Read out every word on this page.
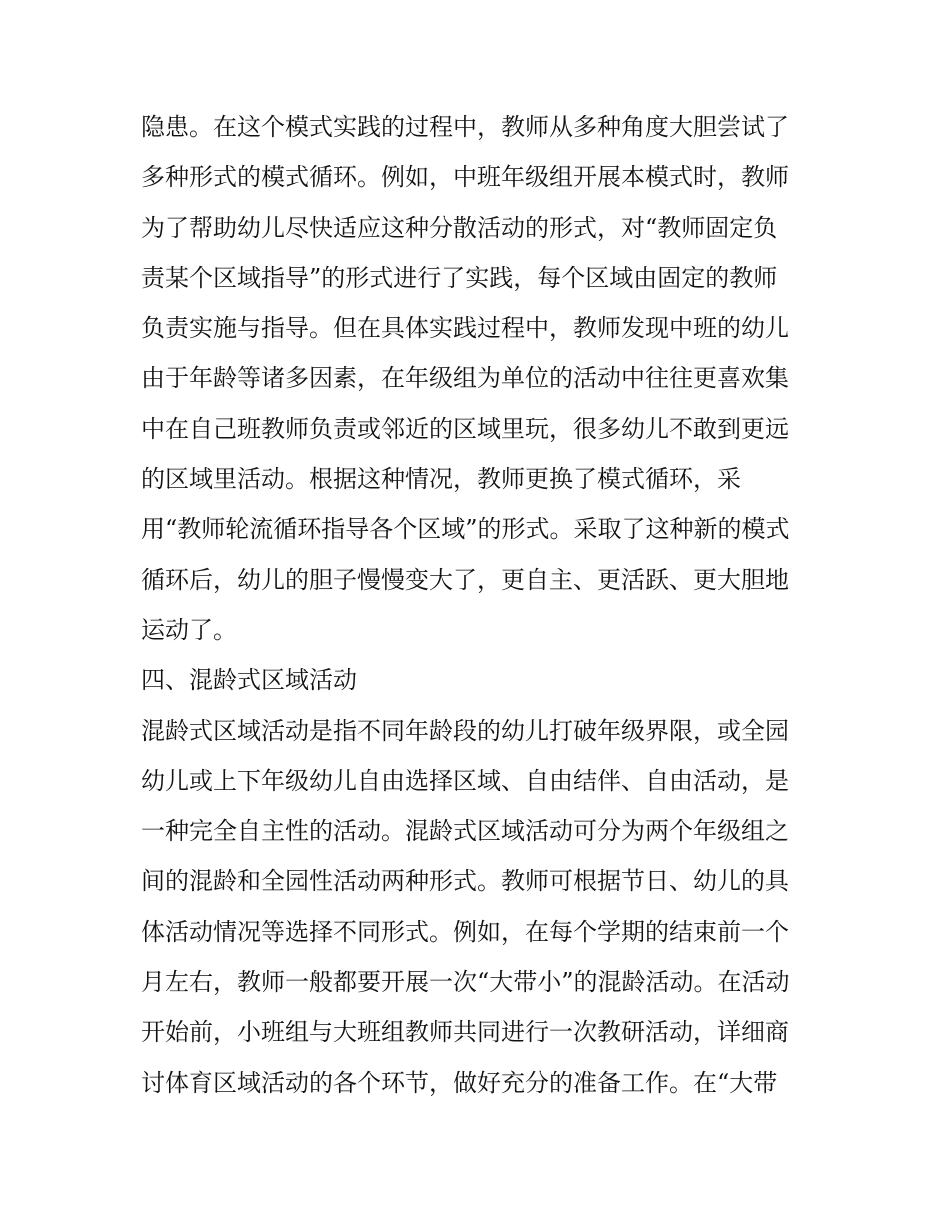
隐患。在这个模式实践的过程中，教师从多种角度大胆尝试了
多种形式的模式循环。例如，中班年级组开展本模式时，教师
为了帮助幼儿尽快适应这种分散活动的形式，对“教师固定负
责某个区域指导”的形式进行了实践，每个区域由固定的教师
负责实施与指导。但在具体实践过程中，教师发现中班的幼儿
由于年龄等诸多因素，在年级组为单位的活动中往往更喜欢集
中在自己班教师负责或邻近的区域里玩，很多幼儿不敢到更远
的区域里活动。根据这种情况，教师更换了模式循环，采
用“教师轮流循环指导各个区域”的形式。采取了这种新的模式
循环后，幼儿的胆子慢慢变大了，更自主、更活跃、更大胆地
运动了。
四、混龄式区域活动
混龄式区域活动是指不同年龄段的幼儿打破年级界限，或全园
幼儿或上下年级幼儿自由选择区域、自由结伴、自由活动，是
一种完全自主性的活动。混龄式区域活动可分为两个年级组之
间的混龄和全园性活动两种形式。教师可根据节日、幼儿的具
体活动情况等选择不同形式。例如，在每个学期的结束前一个
月左右，教师一般都要开展一次“大带小”的混龄活动。在活动
开始前，小班组与大班组教师共同进行一次教研活动，详细商
讨体育区域活动的各个环节，做好充分的准备工作。在“大带
